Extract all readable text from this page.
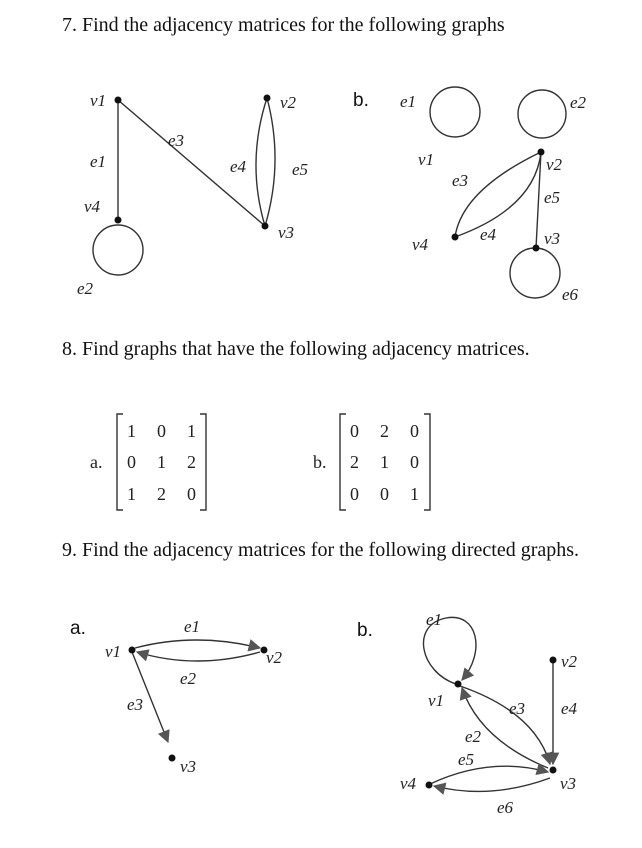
7. Find the adjacency matrices for the following graphs
v1	v2
v3
v4
e1
e2
e3
e4	e5
b.
v1	v2
v3
v4
e1	e2
e3
e4
e5
e6
8. Find graphs that have the following adjacency matrices.
a.
1 0 1
0 1 2
1 2 0
b.
0 2 0
2 1 0
0 0 1
9. Find the adjacency matrices for the following directed graphs.
a.
v1	v2
v3
e1
e2
e3
b.
v1
v2
v3
v4
e1
e2
e3 e4
e5
e6
